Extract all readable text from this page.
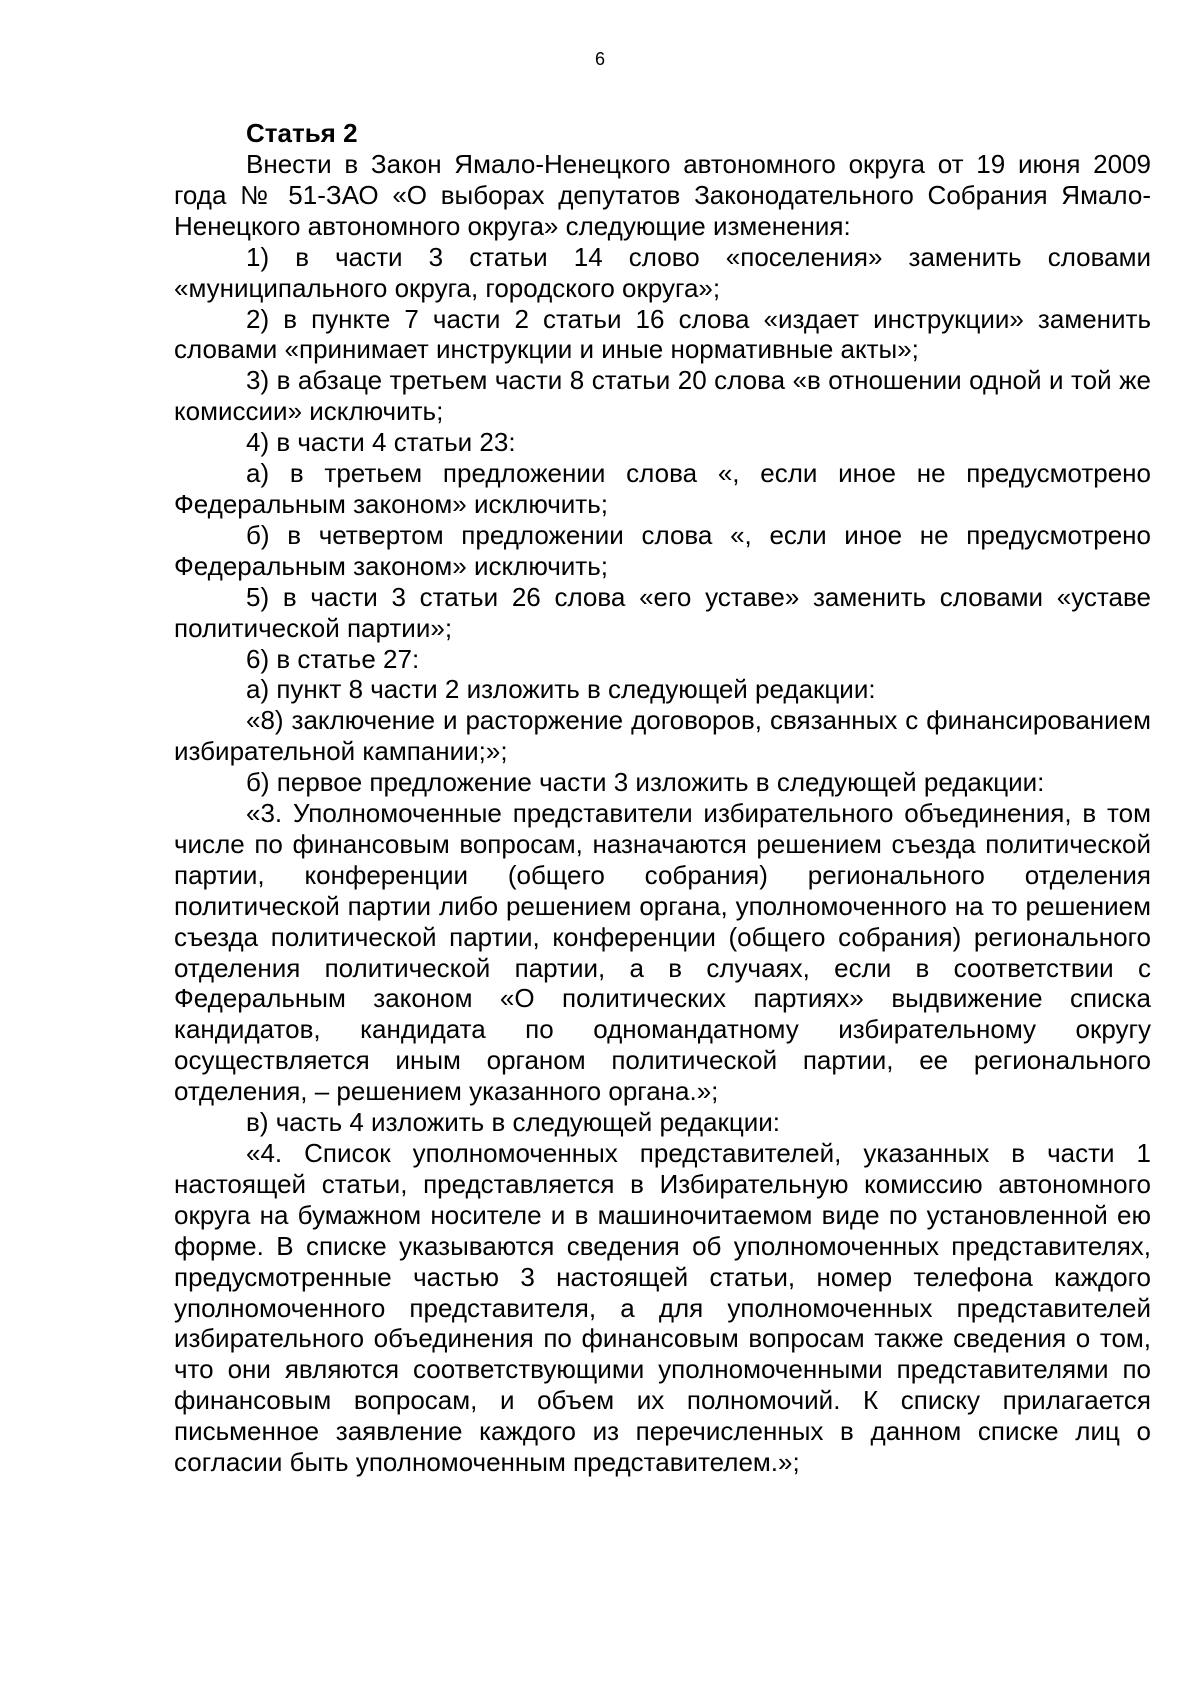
6

Статья 2

Внести в Закон Ямало-Ненецкого автономного округа от 19 июня 2009 года № 51-ЗАО «О выборах депутатов Законодательного Собрания Ямало-Ненецкого автономного округа» следующие изменения:

1) в части 3 статьи 14 слово «поселения» заменить словами «муниципального округа, городского округа»;

2) в пункте 7 части 2 статьи 16 слова «издает инструкции» заменить словами «принимает инструкции и иные нормативные акты»;

3) в абзаце третьем части 8 статьи 20 слова «в отношении одной и той же комиссии» исключить;

4) в части 4 статьи 23:

а) в третьем предложении слова «, если иное не предусмотрено Федеральным законом» исключить;

б) в четвертом предложении слова «, если иное не предусмотрено Федеральным законом» исключить;

5) в части 3 статьи 26 слова «его уставе» заменить словами «уставе политической партии»;

6) в статье 27:

а) пункт 8 части 2 изложить в следующей редакции:

«8) заключение и расторжение договоров, связанных с финансированием избирательной кампании;»;

б) первое предложение части 3 изложить в следующей редакции:

«3. Уполномоченные представители избирательного объединения, в том числе по финансовым вопросам, назначаются решением съезда политической партии, конференции (общего собрания) регионального отделения политической партии либо решением органа, уполномоченного на то решением съезда политической партии, конференции (общего собрания) регионального отделения политической партии, а в случаях, если в соответствии с Федеральным законом «О политических партиях» выдвижение списка кандидатов, кандидата по одномандатному избирательному округу осуществляется иным органом политической партии, ее регионального отделения, – решением указанного органа.»;

в) часть 4 изложить в следующей редакции:

«4. Список уполномоченных представителей, указанных в части 1 настоящей статьи, представляется в Избирательную комиссию автономного округа на бумажном носителе и в машиночитаемом виде по установленной ею форме. В списке указываются сведения об уполномоченных представителях, предусмотренные частью 3 настоящей статьи, номер телефона каждого уполномоченного представителя, а для уполномоченных представителей избирательного объединения по финансовым вопросам также сведения о том, что они являются соответствующими уполномоченными представителями по финансовым вопросам, и объем их полномочий. К списку прилагается письменное заявление каждого из перечисленных в данном списке лиц о согласии быть уполномоченным представителем.»;
